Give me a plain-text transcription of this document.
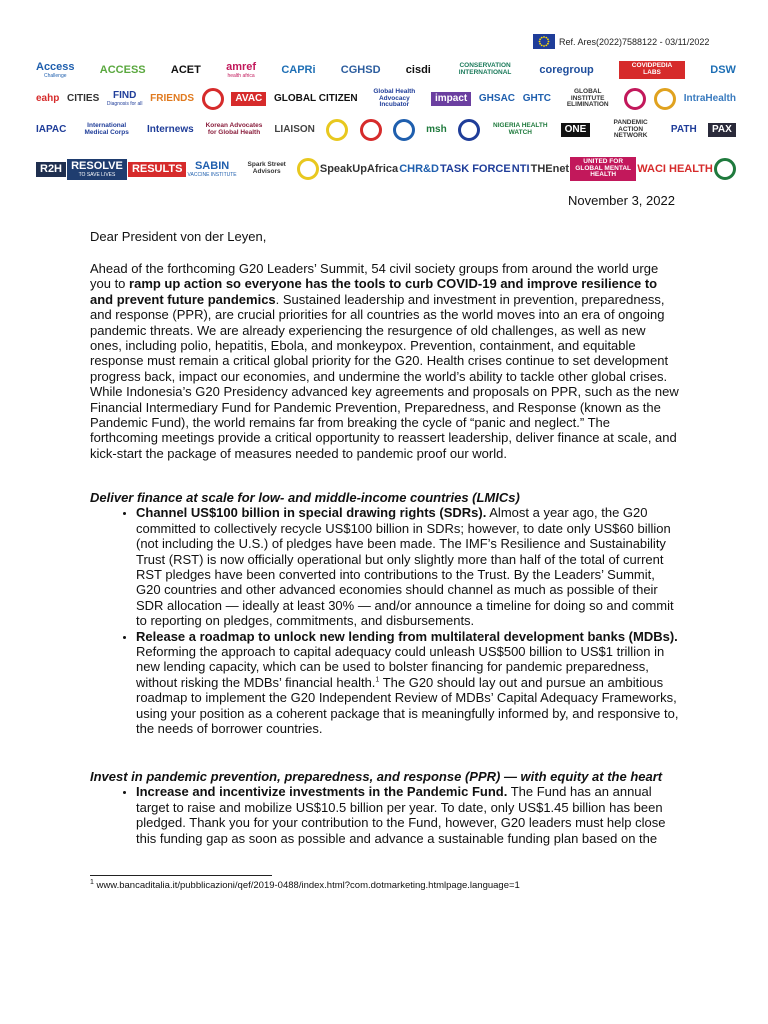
Ref. Ares(2022)7588122 - 03/11/2022
Access
Challenge	ACCESS ACET amref
health africa CAPRi CGHSD cisdi	CONSERVATION INTERNATIONAL	coregroup	COVIDPEDIA LABS	DSW
eahp CITIES FIND
Diagnosis for all FRIENDS	AVAC GLOBAL CITIZEN
Global Health Advocacy Incubator
impact GHSAC GHTC
GLOBAL INSTITUTE ELIMINATION
IntraHealth
IAPAC	International Medical Corps	Internews Korean Advocates for Global Health LIAISON	msh	NIGERIA HEALTH WATCH	ONE
PANDEMIC ACTION NETWORK
PATH PAX
R2H RESOLVE
TO SAVE LIVES RESULTS SABIN
VACCINE INSTITUTE
Spark Street Advisors	SpeakUpAfrica CHR&D TASK FORCE NTI THEnet
UNITED FOR GLOBAL MENTAL HEALTH
WACI HEALTH
November 3, 2022

Dear President von der Leyen,

Ahead of the forthcoming G20 Leaders’ Summit, 54 civil society groups from around the world urge you to ramp up action so everyone has the tools to curb COVID-19 and improve resilience to and prevent future pandemics. Sustained leadership and investment in prevention, preparedness, and response (PPR), are crucial priorities for all countries as the world moves into an era of ongoing pandemic threats. We are already experiencing the resurgence of old challenges, as well as new ones, including polio, hepatitis, Ebola, and monkeypox. Prevention, containment, and equitable response must remain a critical global priority for the G20. Health crises continue to set development progress back, impact our economies, and undermine the world’s ability to tackle other global crises. While Indonesia’s G20 Presidency advanced key agreements and proposals on PPR, such as the new Financial Intermediary Fund for Pandemic Prevention, Preparedness, and Response (known as the Pandemic Fund), the world remains far from breaking the cycle of “panic and neglect.” The forthcoming meetings provide a critical opportunity to reassert leadership, deliver finance at scale, and kick-start the package of measures needed to pandemic proof our world.

Deliver finance at scale for low- and middle-income countries (LMICs)

• Channel US$100 billion in special drawing rights (SDRs). Almost a year ago, the G20 committed to collectively recycle US$100 billion in SDRs; however, to date only US$60 billion (not including the U.S.) of pledges have been made. The IMF’s Resilience and Sustainability Trust (RST) is now officially operational but only slightly more than half of the total of current RST pledges have been converted into contributions to the Trust. By the Leaders’ Summit, G20 countries and other advanced economies should channel as much as possible of their SDR allocation — ideally at least 30% — and/or announce a timeline for doing so and commit to reporting on pledges, commitments, and disbursements.
• Release a roadmap to unlock new lending from multilateral development banks (MDBs). Reforming the approach to capital adequacy could unleash US$500 billion to US$1 trillion in new lending capacity, which can be used to bolster financing for pandemic preparedness, without risking the MDBs’ financial health.$^1$ The G20 should lay out and pursue an ambitious roadmap to implement the G20 Independent Review of MDBs’ Capital Adequacy Frameworks, using your position as a coherent package that is meaningfully informed by, and responsive to, the needs of borrower countries.

Invest in pandemic prevention, preparedness, and response (PPR) — with equity at the heart

• Increase and incentivize investments in the Pandemic Fund. The Fund has an annual target to raise and mobilize US$10.5 billion per year. To date, only US$1.45 billion has been pledged. Thank you for your contribution to the Fund, however, G20 leaders must help close this funding gap as soon as possible and advance a sustainable funding plan based on the
$^1$ www.bancaditalia.it/pubblicazioni/qef/2019-0488/index.html?com.dotmarketing.htmlpage.language=1
